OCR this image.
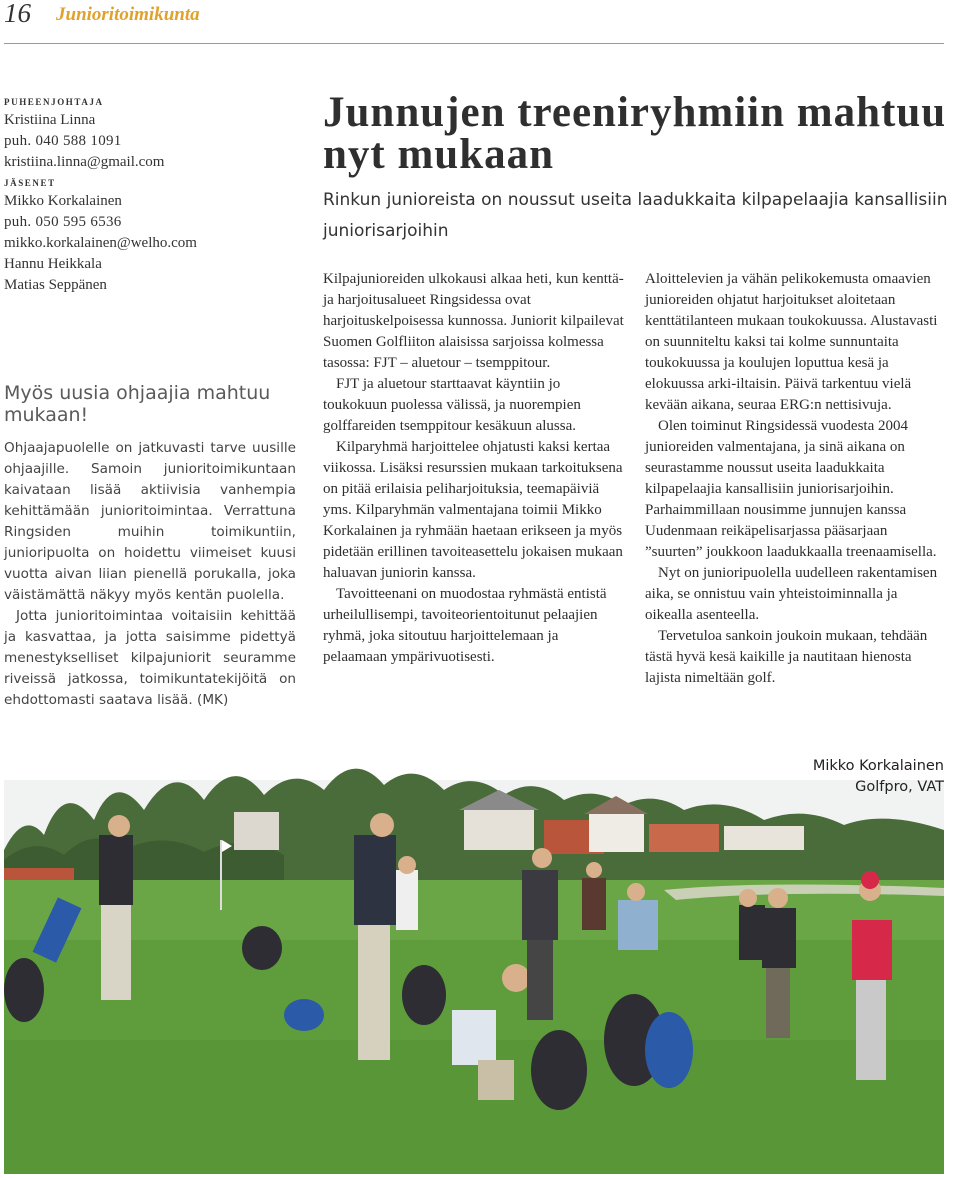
16 Junioritoimikunta
puheenjohtaja
Kristiina Linna
puh. 040 588 1091
kristiina.linna@gmail.com
jäsenet
Mikko Korkalainen
puh. 050 595 6536
mikko.korkalainen@welho.com
Hannu Heikkala
Matias Seppänen
Myös uusia ohjaajia mahtuu mukaan!

Ohjaajapuolelle on jatkuvasti tarve uusille ohjaajille. Samoin junioritoimikuntaan kaivataan lisää aktiivisia vanhempia kehittämään junioritoimintaa. Verrattuna Ringsiden muihin toimikuntiin, junioripuolta on hoidettu viimeiset kuusi vuotta aivan liian pienellä porukalla, joka väistämättä näkyy myös kentän puolella.

Jotta junioritoimintaa voitaisiin kehittää ja kasvattaa, ja jotta saisimme pidettyä menestykselliset kilpajuniorit seuramme riveissä jatkossa, toimikuntatekijöitä on ehdottomasti saatava lisää. (MK)

Junnujen treeniryhmiin mahtuu nyt mukaan
Rinkun junioreista on noussut useita laadukkaita kilpapelaajia kansallisiin juniorisarjoihin

Kilpajunioreiden ulkokausi alkaa heti, kun kenttä- ja harjoitusalueet Ringsidessa ovat harjoituskelpoisessa kunnossa. Juniorit kilpailevat Suomen Golfliiton alaisissa sarjoissa kolmessa tasossa: FJT – aluetour – tsemppitour.

FJT ja aluetour starttaavat käyntiin jo toukokuun puolessa välissä, ja nuorempien golffareiden tsemppitour kesäkuun alussa.

Kilparyhmä harjoittelee ohjatusti kaksi kertaa viikossa. Lisäksi resurssien mukaan tarkoituksena on pitää erilaisia peliharjoituksia, teemapäiviä yms. Kilparyhmän valmentajana toimii Mikko Korkalainen ja ryhmään haetaan erikseen ja myös pidetään erillinen tavoiteasettelu jokaisen mukaan haluavan juniorin kanssa.

Tavoitteenani on muodostaa ryhmästä entistä urheilullisempi, tavoiteorientoitunut pelaajien ryhmä, joka sitoutuu harjoittelemaan ja pelaamaan ympärivuotisesti.

Aloittelevien ja vähän pelikokemusta omaavien junioreiden ohjatut harjoitukset aloitetaan kenttätilanteen mukaan toukokuussa. Alustavasti on suunniteltu kaksi tai kolme sunnuntaita toukokuussa ja koulujen loputtua kesä ja elokuussa arki-iltaisin. Päivä tarkentuu vielä kevään aikana, seuraa ERG:n nettisivuja.

Olen toiminut Ringsidessä vuodesta 2004 junioreiden valmentajana, ja sinä aikana on seurastamme noussut useita laadukkaita kilpapelaajia kansallisiin juniorisarjoihin. Parhaimmillaan nousimme junnujen kanssa Uudenmaan reikäpelisarjassa pääsarjaan ”suurten” joukkoon laadukkaalla treenaamisella.

Nyt on junioripuolella uudelleen rakentamisen aika, se onnistuu vain yhteistoiminnalla ja oikealla asenteella.

Tervetuloa sankoin joukoin mukaan, tehdään tästä hyvä kesä kaikille ja nautitaan hienosta lajista nimeltään golf.

Mikko Korkalainen
Golfpro, VAT
